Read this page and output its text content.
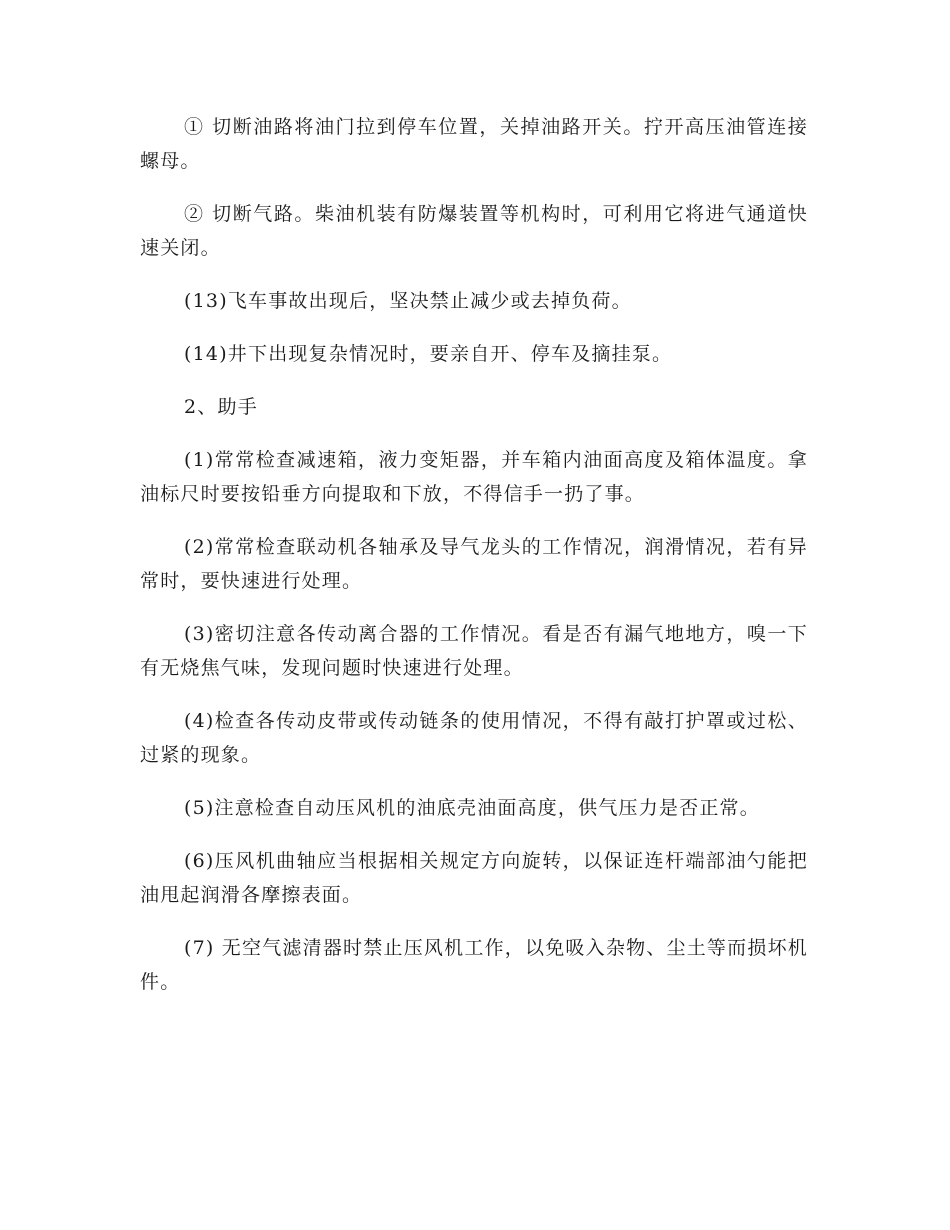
① 切断油路将油门拉到停车位置，关掉油路开关。拧开高压油管连接螺母。

② 切断气路。柴油机装有防爆装置等机构时，可利用它将进气通道快速关闭。

(13)飞车事故出现后，坚决禁止减少或去掉负荷。

(14)井下出现复杂情况时，要亲自开、停车及摘挂泵。

2、助手

(1)常常检查减速箱，液力变矩器，并车箱内油面高度及箱体温度。拿油标尺时要按铅垂方向提取和下放，不得信手一扔了事。

(2)常常检查联动机各轴承及导气龙头的工作情况，润滑情况，若有异常时，要快速进行处理。

(3)密切注意各传动离合器的工作情况。看是否有漏气地地方，嗅一下有无烧焦气味，发现问题时快速进行处理。

(4)检查各传动皮带或传动链条的使用情况，不得有敲打护罩或过松、过紧的现象。

(5)注意检查自动压风机的油底壳油面高度，供气压力是否正常。

(6)压风机曲轴应当根据相关规定方向旋转，以保证连杆端部油勺能把油甩起润滑各摩擦表面。

(7) 无空气滤清器时禁止压风机工作，以免吸入杂物、尘土等而损坏机件。
